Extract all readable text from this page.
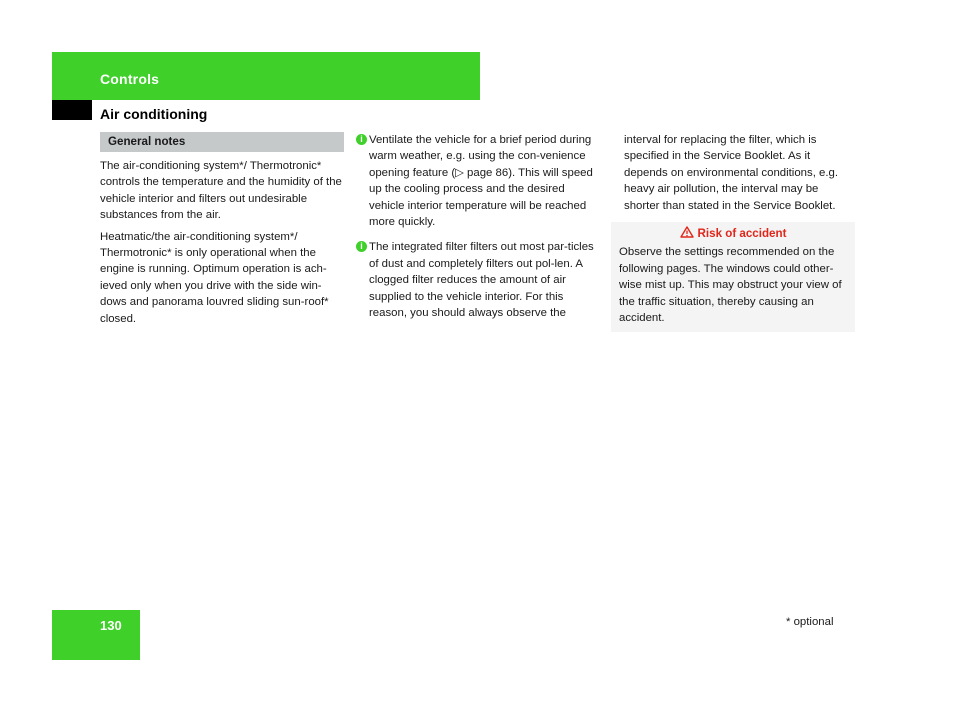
Controls
Air conditioning
General notes

The air-conditioning system*/ Thermotronic* controls the temperature and the humidity of the vehicle interior and filters out undesirable substances from the air.

Heatmatic/the air-conditioning system*/ Thermotronic* is only operational when the engine is running. Optimum operation is ach-ieved only when you drive with the side win-dows and panorama louvred sliding sun-roof* closed.

i Ventilate the vehicle for a brief period during warm weather, e.g. using the con-venience opening feature (▷ page 86). This will speed up the cooling process and the desired vehicle interior temperature will be reached more quickly.
i The integrated filter filters out most par-ticles of dust and completely filters out pol-len. A clogged filter reduces the amount of air supplied to the vehicle interior. For this reason, you should always observe the
interval for replacing the filter, which is specified in the Service Booklet. As it depends on environmental conditions, e.g. heavy air pollution, the interval may be shorter than stated in the Service Booklet.
Risk of accident
Observe the settings recommended on the following pages. The windows could other-wise mist up. This may obstruct your view of the traffic situation, thereby causing an accident.
130	* optional
